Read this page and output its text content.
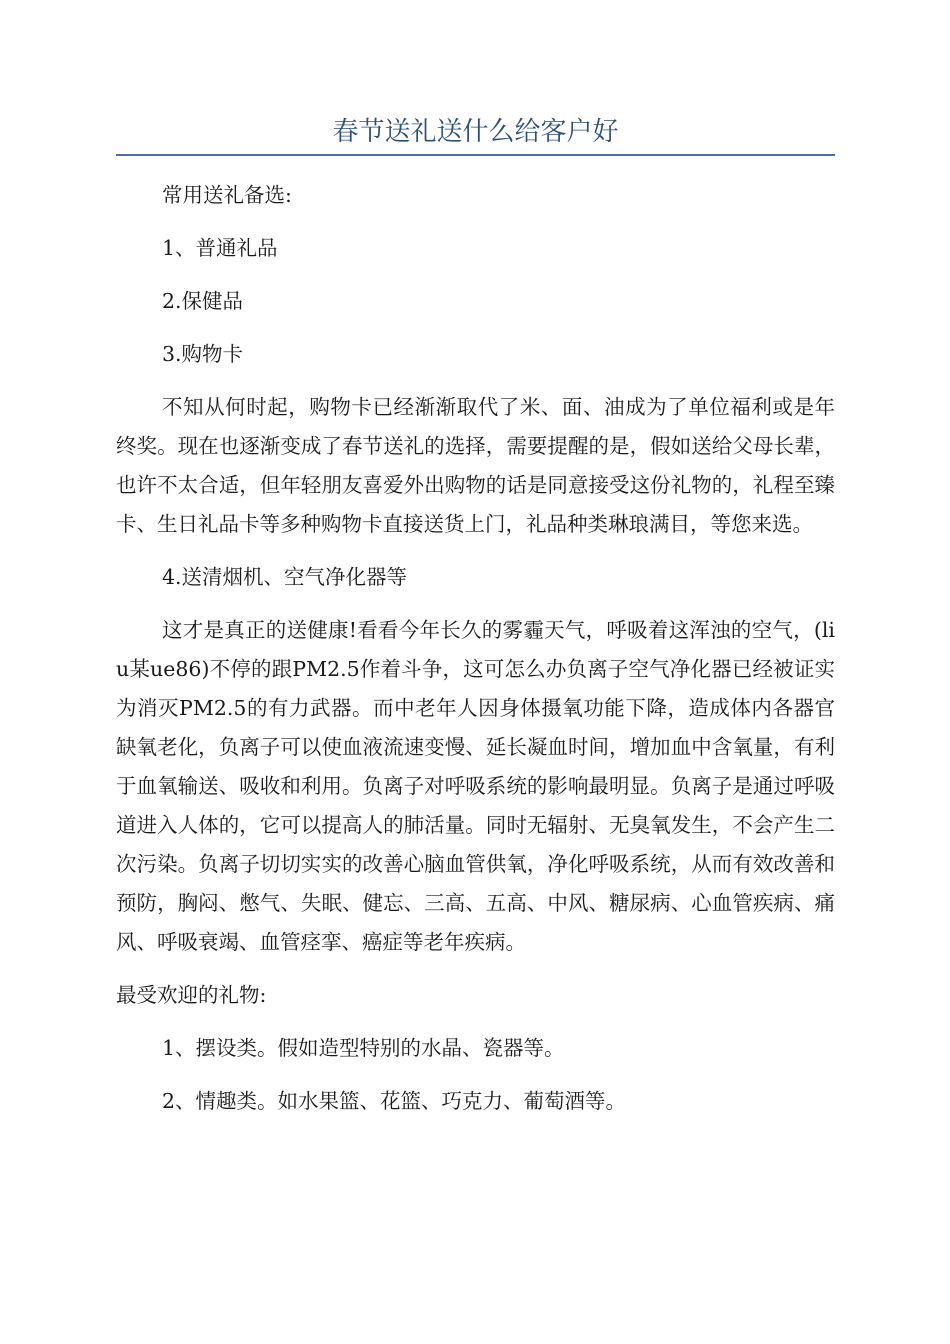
春节送礼送什么给客户好

常用送礼备选:

1、普通礼品

2.保健品

3.购物卡

不知从何时起，购物卡已经渐渐取代了米、面、油成为了单位福利或是年终奖。现在也逐渐变成了春节送礼的选择，需要提醒的是，假如送给父母长辈，也许不太合适，但年轻朋友喜爱外出购物的话是同意接受这份礼物的，礼程至臻卡、生日礼品卡等多种购物卡直接送货上门，礼品种类琳琅满目，等您来选。

4.送清烟机、空气净化器等

这才是真正的送健康!看看今年长久的雾霾天气，呼吸着这浑浊的空气，(liu某ue86)不停的跟PM2.5作着斗争，这可怎么办负离子空气净化器已经被证实为消灭PM2.5的有力武器。而中老年人因身体摄氧功能下降，造成体内各器官缺氧老化，负离子可以使血液流速变慢、延长凝血时间，增加血中含氧量，有利于血氧输送、吸收和利用。负离子对呼吸系统的影响最明显。负离子是通过呼吸道进入人体的，它可以提高人的肺活量。同时无辐射、无臭氧发生，不会产生二次污染。负离子切切实实的改善心脑血管供氧，净化呼吸系统，从而有效改善和预防，胸闷、憋气、失眠、健忘、三高、五高、中风、糖尿病、心血管疾病、痛风、呼吸衰竭、血管痉挛、癌症等老年疾病。

最受欢迎的礼物:

1、摆设类。假如造型特别的水晶、瓷器等。

2、情趣类。如水果篮、花篮、巧克力、葡萄酒等。
